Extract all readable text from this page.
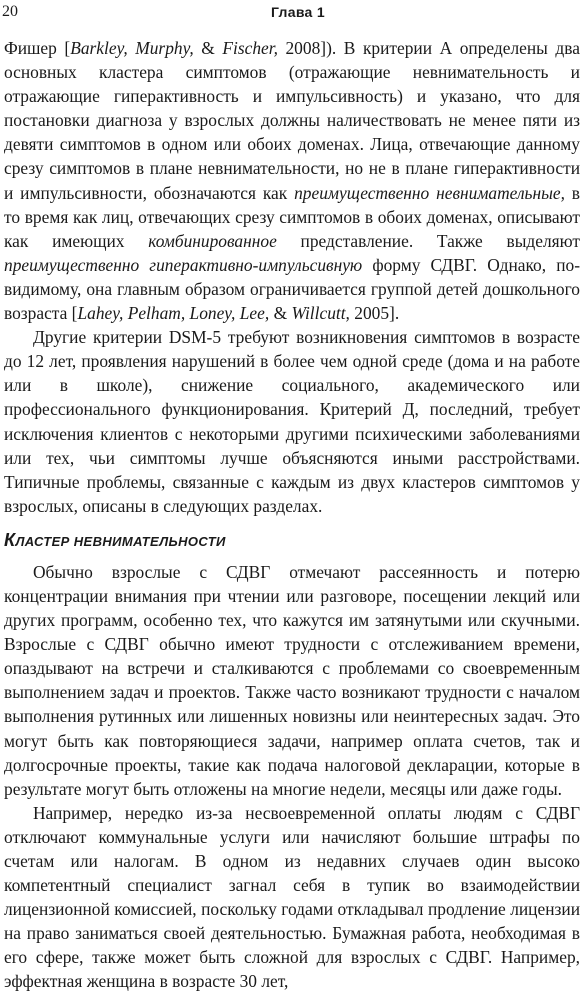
20	Глава 1

Фишер [Barkley, Murphy, & Fischer, 2008]). В критерии А определены два основных кластера симптомов (отражающие невнимательность и отражающие гиперактивность и импульсивность) и указано, что для постановки диагноза у взрослых должны наличествовать не менее пяти из девяти симптомов в одном или обоих доменах. Лица, отвечающие данному срезу симптомов в плане невнимательности, но не в плане гиперактивности и импульсивности, обозначаются как преимущественно невнимательные, в то время как лиц, отвечающих срезу симптомов в обоих доменах, описывают как имеющих комбинированное представление. Также выделяют преимущественно гиперактивно-импульсивную форму СДВГ. Однако, по-видимому, она главным образом ограничивается группой детей дошкольного возраста [Lahey, Pelham, Loney, Lee, & Willcutt, 2005].

Другие критерии DSM-5 требуют возникновения симптомов в возрасте до 12 лет, проявления нарушений в более чем одной среде (дома и на работе или в школе), снижение социального, академического или профессионального функционирования. Критерий Д, последний, требует исключения клиентов с некоторыми другими психическими заболеваниями или тех, чьи симптомы лучше объясняются иными расстройствами. Типичные проблемы, связанные с каждым из двух кластеров симптомов у взрослых, описаны в следующих разделах.

КЛАСТЕР НЕВНИМАТЕЛЬНОСТИ

Обычно взрослые с СДВГ отмечают рассеянность и потерю концентрации внимания при чтении или разговоре, посещении лекций или других программ, особенно тех, что кажутся им затянутыми или скучными. Взрослые с СДВГ обычно имеют трудности с отслеживанием времени, опаздывают на встречи и сталкиваются с проблемами со своевременным выполнением задач и проектов. Также часто возникают трудности с началом выполнения рутинных или лишенных новизны или неинтересных задач. Это могут быть как повторяющиеся задачи, например оплата счетов, так и долгосрочные проекты, такие как подача налоговой декларации, которые в результате могут быть отложены на многие недели, месяцы или даже годы.

Например, нередко из-за несвоевременной оплаты людям с СДВГ отключают коммунальные услуги или начисляют большие штрафы по счетам или налогам. В одном из недавних случаев один высоко компетентный специалист загнал себя в тупик во взаимодействии лицензионной комиссией, поскольку годами откладывал продление лицензии на право заниматься своей деятельностью. Бумажная работа, необходимая в его сфере, также может быть сложной для взрослых с СДВГ. Например, эффектная женщина в возрасте 30 лет,
